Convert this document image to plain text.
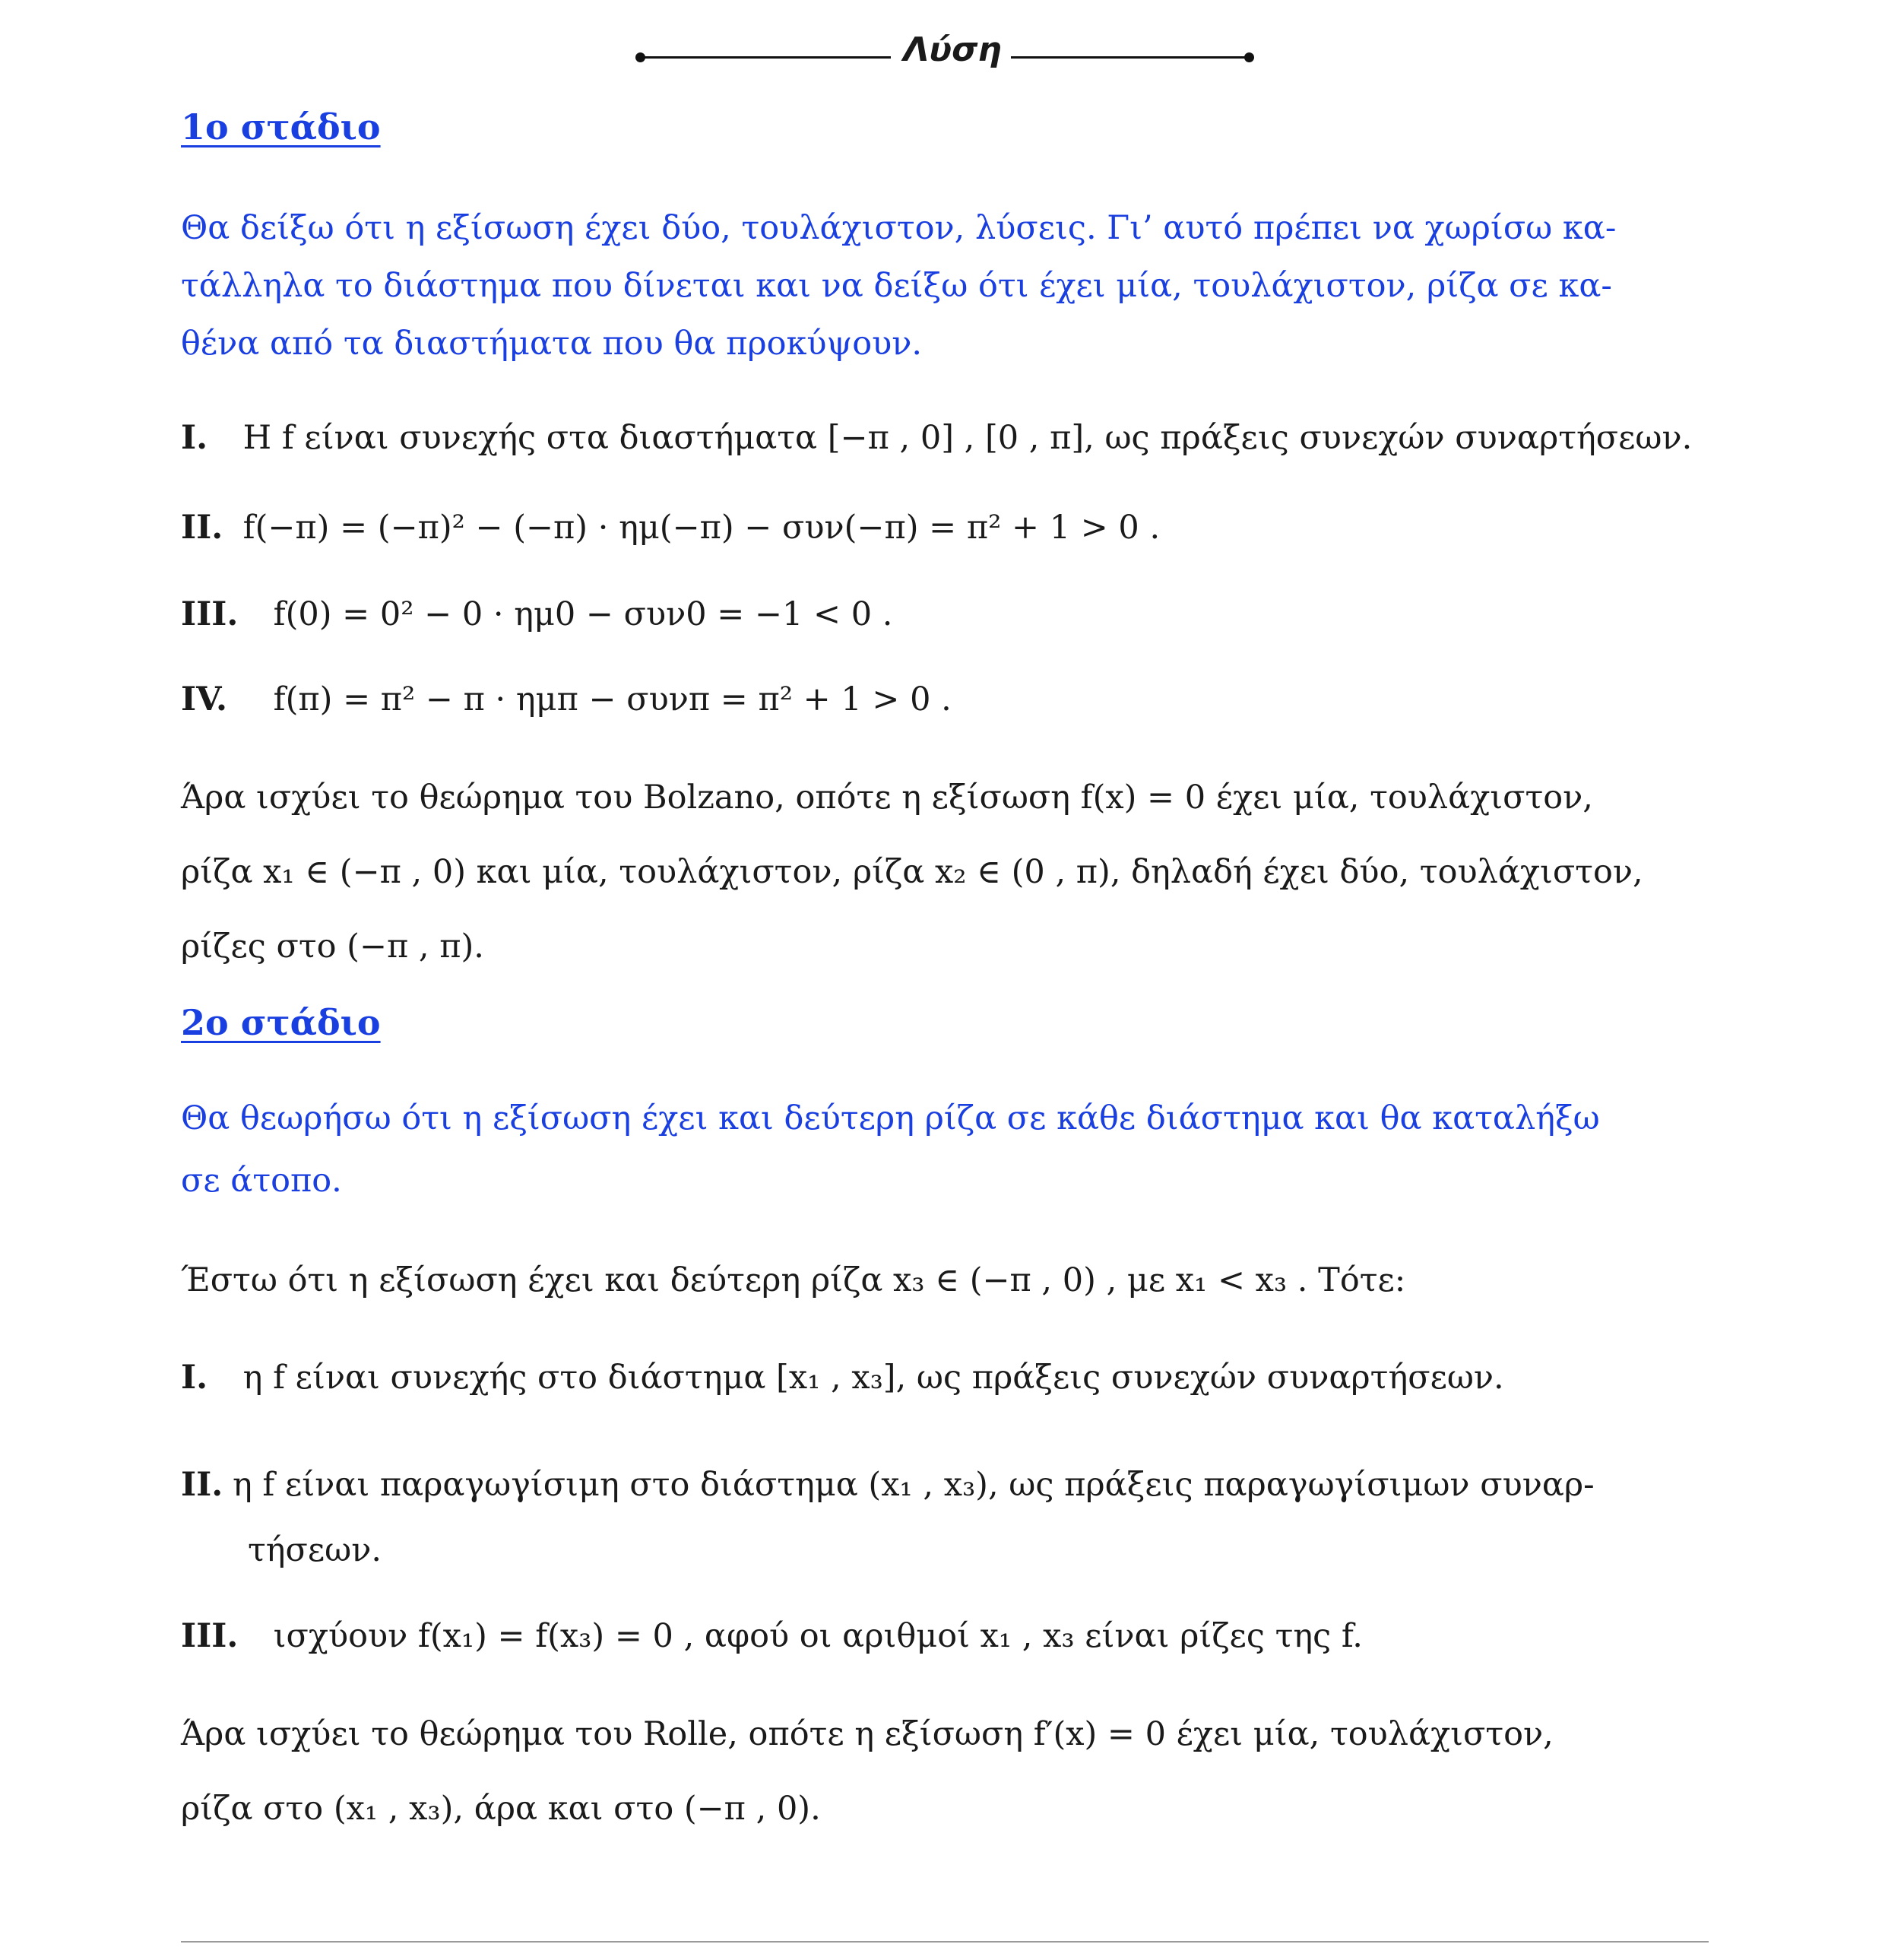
Λύση
1ο στάδιο
Θα δείξω ότι η εξίσωση έχει δύο, τουλάχιστον, λύσεις. Γι’ αυτό πρέπει να χωρίσω κα-
τάλληλα το διάστημα που δίνεται και να δείξω ότι έχει μία, τουλάχιστον, ρίζα σε κα-
θένα από τα διαστήματα που θα προκύψουν.
I. Η f είναι συνεχής στα διαστήματα [−π , 0] , [0 , π], ως πράξεις συνεχών συναρτήσεων.
II. f(−π) = (−π)² − (−π) · ημ(−π) − συν(−π) = π² + 1 > 0 .
III. f(0) = 0² − 0 · ημ0 − συν0 = −1 < 0 .
IV. f(π) = π² − π · ημπ − συνπ = π² + 1 > 0 .
Άρα ισχύει το θεώρημα του Bolzano, οπότε η εξίσωση f(x) = 0 έχει μία, τουλάχιστον,
ρίζα x₁ ∈ (−π , 0) και μία, τουλάχιστον, ρίζα x₂ ∈ (0 , π), δηλαδή έχει δύο, τουλάχιστον,
ρίζες στο (−π , π).
2ο στάδιο
Θα θεωρήσω ότι η εξίσωση έχει και δεύτερη ρίζα σε κάθε διάστημα και θα καταλήξω
σε άτοπο.
Έστω ότι η εξίσωση έχει και δεύτερη ρίζα x₃ ∈ (−π , 0) , με x₁ < x₃ . Τότε:
I. η f είναι συνεχής στο διάστημα [x₁ , x₃], ως πράξεις συνεχών συναρτήσεων.
II. η f είναι παραγωγίσιμη στο διάστημα (x₁ , x₃), ως πράξεις παραγωγίσιμων συναρ-
τήσεων.
III. ισχύουν f(x₁) = f(x₃) = 0 , αφού οι αριθμοί x₁ , x₃ είναι ρίζες της f.
Άρα ισχύει το θεώρημα του Rolle, οπότε η εξίσωση f′(x) = 0 έχει μία, τουλάχιστον,
ρίζα στο (x₁ , x₃), άρα και στο (−π , 0).
